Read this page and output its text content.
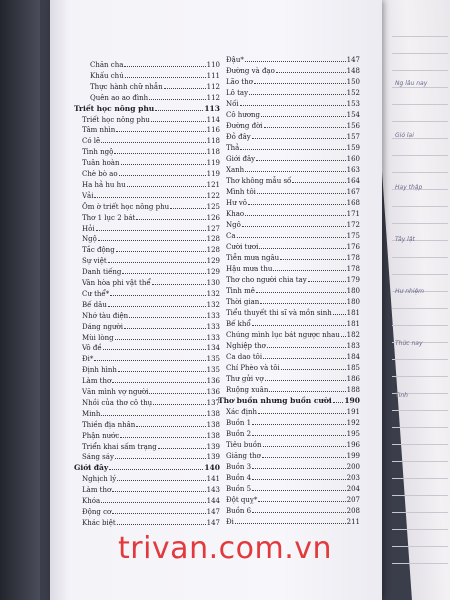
Ng lâu nay
Gió lại
Hay thập
Tây lật
Hư nhiệm
Thức nay
Tinh
Chăn cha	110
Khấu chú	111
Thực hành chữ nhẫn	112
Quên ao ao đình	112
Triết học nông phu	113
Triết học nông phu	114
Tâm nhìn	116
Có lẽ	118
Tình ngộ	118
Tuân hoàn	119
Chè bò ao	119
Ha hả hu hu	121
Vải	122
Ôm ờ triết học nông phu	125
Thơ 1 lục 2 bát	126
Hỏi	127
Ngộ	128
Tắc động	128
Sự việt	129
Danh tiếng	129
Vân hòa phi vật thể	130
Cư thể*	132
Bế dâu	132
Nhớ tàu điện	133
Dáng người	133
Mùi lòng	133
Vô đề	134
Đi*	135
Định hình	135
Làm thơ	136
Văn mình vợ người	136
Nhồi của thơ cô thụ	137
Minh	138
Thiền địa nhân	138
Phận nước	138
Triển khai sấm trạng	139
Sáng sáy	139
Giới đây	140
Nghịch lý	141
Làm thơ	143
Khóa	144
Động cơ	147
Khác biệt	147
Đậu*	147
Đường và đạo	148
Lão thơ	150
Lô tay	152
Nối	153
Cô hương	154
Đường đời	156
Đỏ đây	157
Thả	159
Giới đây	160
Xanh	163
Thơ không mẫu số	164
Mình tôi	167
Hư vô	168
Khao	171
Ngô	172
Ca	175
Cười tươi	176
Tiễn mưa ngâu	178
Hậu mưa thu	178
Thơ cho người chia tay	179
Tình mê	180
Thời gian	180
Tiểu thuyết thi sĩ và mồn sinh 181
Bế khổ	181
Chúng mình lục bát ngược nhau 182
Nghiệp thơ	183
Ca dao tôi	184
Chí Phèo và tôi	185
Thư gửi vợ	186
Ruộng xuân	188
Thơ buồn nhưng buồn cười 190
Xác định	191
Buồn 1	192
Buồn 2	195
Tiêu buồn	196
Giăng thơ	199
Buồn 3	200
Buồn 4	203
Buồn 5	204
Đột quỵ*	207
Buồn 6	208
Đi	211
trivan.com.vn
